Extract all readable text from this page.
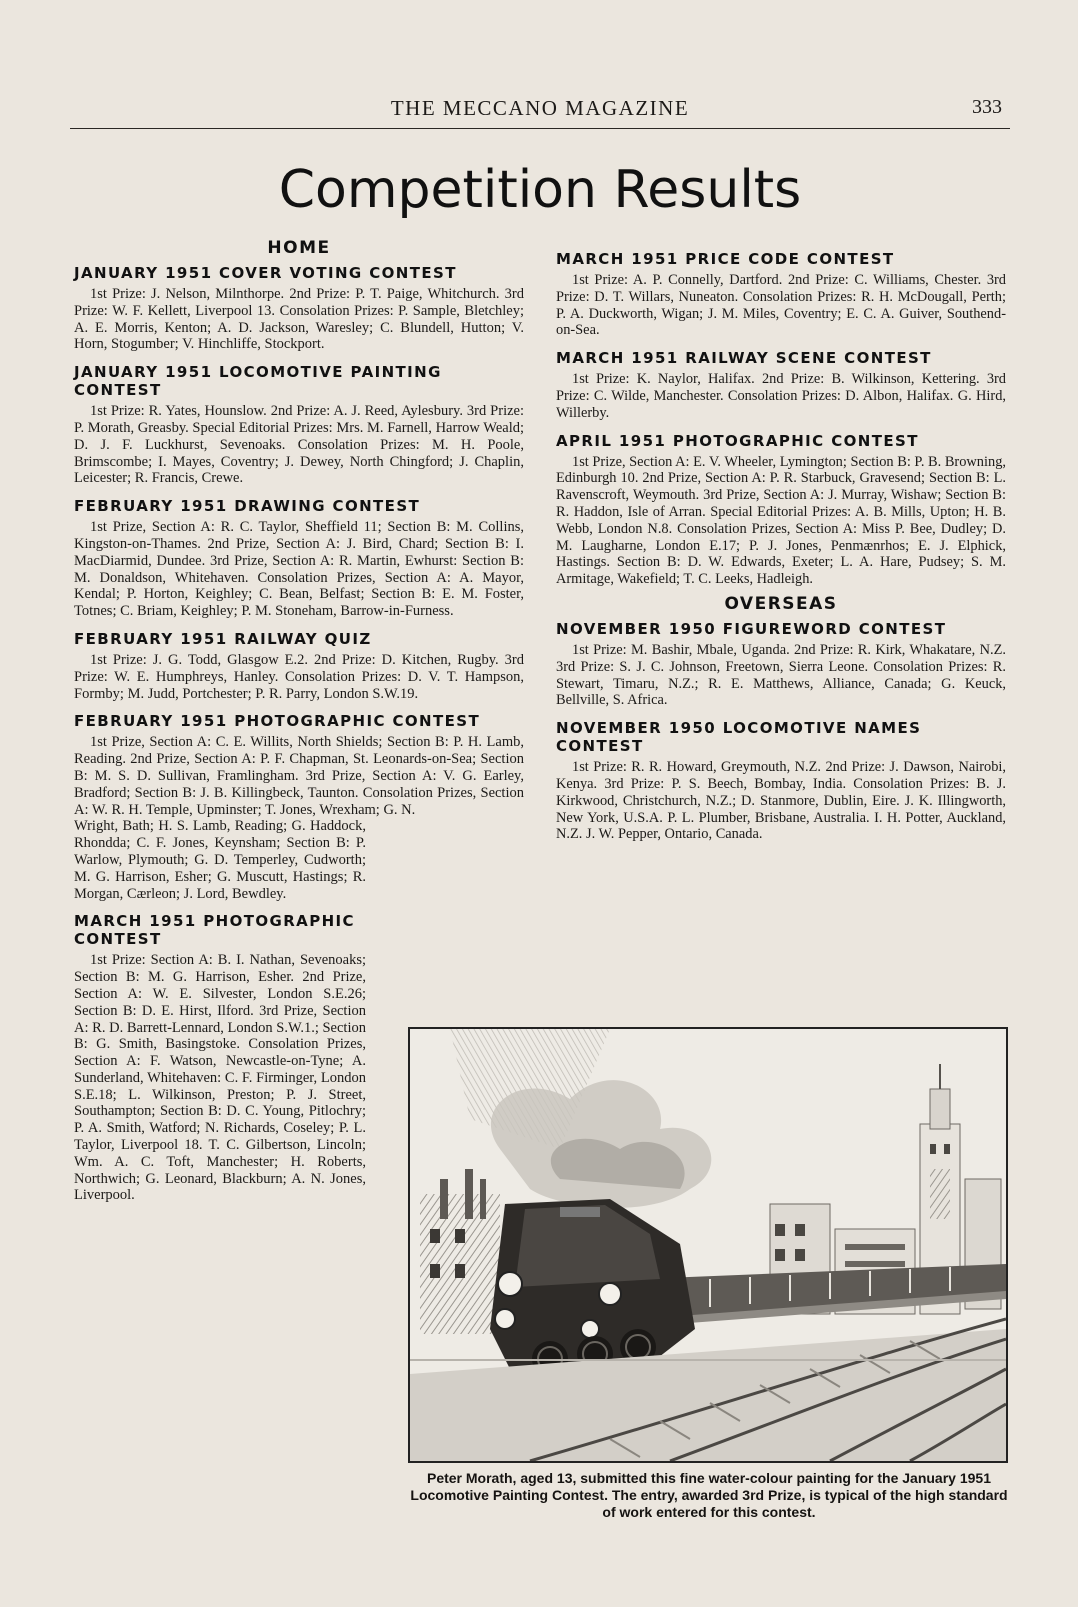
THE MECCANO MAGAZINE	333
Competition Results
HOME
JANUARY 1951 COVER VOTING CONTEST

1st Prize: J. Nelson, Milnthorpe. 2nd Prize: P. T. Paige, Whitchurch. 3rd Prize: W. F. Kellett, Liverpool 13. Consolation Prizes: P. Sample, Bletchley; A. E. Morris, Kenton; A. D. Jackson, Waresley; C. Blundell, Hutton; V. Horn, Stogumber; V. Hinchliffe, Stockport.

JANUARY 1951 LOCOMOTIVE PAINTING CONTEST

1st Prize: R. Yates, Hounslow. 2nd Prize: A. J. Reed, Aylesbury. 3rd Prize: P. Morath, Greasby. Special Editorial Prizes: Mrs. M. Farnell, Harrow Weald; D. J. F. Luckhurst, Sevenoaks. Consolation Prizes: M. H. Poole, Brimscombe; I. Mayes, Coventry; J. Dewey, North Chingford; J. Chaplin, Leicester; R. Francis, Crewe.

FEBRUARY 1951 DRAWING CONTEST

1st Prize, Section A: R. C. Taylor, Sheffield 11; Section B: M. Collins, Kingston-on-Thames. 2nd Prize, Section A: J. Bird, Chard; Section B: I. MacDiarmid, Dundee. 3rd Prize, Section A: R. Martin, Ewhurst: Section B: M. Donaldson, Whitehaven. Consolation Prizes, Section A: A. Mayor, Kendal; P. Horton, Keighley; C. Bean, Belfast; Section B: E. M. Foster, Totnes; C. Briam, Keighley; P. M. Stoneham, Barrow-in-Furness.

FEBRUARY 1951 RAILWAY QUIZ

1st Prize: J. G. Todd, Glasgow E.2. 2nd Prize: D. Kitchen, Rugby. 3rd Prize: W. E. Humphreys, Hanley. Consolation Prizes: D. V. T. Hampson, Formby; M. Judd, Portchester; P. R. Parry, London S.W.19.

FEBRUARY 1951 PHOTOGRAPHIC CONTEST

1st Prize, Section A: C. E. Willits, North Shields; Section B: P. H. Lamb, Reading. 2nd Prize, Section A: P. F. Chapman, St. Leonards-on-Sea; Section B: M. S. D. Sullivan, Framlingham. 3rd Prize, Section A: V. G. Earley, Bradford; Section B: J. B. Killingbeck, Taunton. Consolation Prizes, Section A: W. R. H. Temple, Upminster; T. Jones, Wrexham; G. N.

Wright, Bath; H. S. Lamb, Reading; G. Haddock, Rhondda; C. F. Jones, Keynsham; Section B: P. Warlow, Plymouth; G. D. Temperley, Cudworth; M. G. Harrison, Esher; G. Muscutt, Hastings; R. Morgan, Cærleon; J. Lord, Bewdley.

MARCH 1951 PHOTOGRAPHIC CONTEST

1st Prize: Section A: B. I. Nathan, Sevenoaks; Section B: M. G. Harrison, Esher. 2nd Prize, Section A: W. E. Silvester, London S.E.26; Section B: D. E. Hirst, Ilford. 3rd Prize, Section A: R. D. Barrett-Lennard, London S.W.1.; Section B: G. Smith, Basingstoke. Consolation Prizes, Section A: F. Watson, Newcastle-on-Tyne; A. Sunderland, Whitehaven: C. F. Firminger, London S.E.18; L. Wilkinson, Preston; P. J. Street, Southampton; Section B: D. C. Young, Pitlochry; P. A. Smith, Watford; N. Richards, Coseley; P. L. Taylor, Liverpool 18. T. C. Gilbertson, Lincoln; Wm. A. C. Toft, Manchester; H. Roberts, Northwich; G. Leonard, Blackburn; A. N. Jones, Liverpool.

MARCH 1951 PRICE CODE CONTEST

1st Prize: A. P. Connelly, Dartford. 2nd Prize: C. Williams, Chester. 3rd Prize: D. T. Willars, Nuneaton. Consolation Prizes: R. H. McDougall, Perth; P. A. Duckworth, Wigan; J. M. Miles, Coventry; E. C. A. Guiver, Southend-on-Sea.

MARCH 1951 RAILWAY SCENE CONTEST

1st Prize: K. Naylor, Halifax. 2nd Prize: B. Wilkinson, Kettering. 3rd Prize: C. Wilde, Manchester. Consolation Prizes: D. Albon, Halifax. G. Hird, Willerby.

APRIL 1951 PHOTOGRAPHIC CONTEST

1st Prize, Section A: E. V. Wheeler, Lymington; Section B: P. B. Browning, Edinburgh 10. 2nd Prize, Section A: P. R. Starbuck, Gravesend; Section B: L. Ravenscroft, Weymouth. 3rd Prize, Section A: J. Murray, Wishaw; Section B: R. Haddon, Isle of Arran. Special Editorial Prizes: A. B. Mills, Upton; H. B. Webb, London N.8. Consolation Prizes, Section A: Miss P. Bee, Dudley; D. M. Laugharne, London E.17; P. J. Jones, Penmænrhos; E. J. Elphick, Hastings. Section B: D. W. Edwards, Exeter; L. A. Hare, Pudsey; S. M. Armitage, Wakefield; T. C. Leeks, Hadleigh.

OVERSEAS
NOVEMBER 1950 FIGUREWORD CONTEST

1st Prize: M. Bashir, Mbale, Uganda. 2nd Prize: R. Kirk, Whakatare, N.Z. 3rd Prize: S. J. C. Johnson, Freetown, Sierra Leone. Consolation Prizes: R. Stewart, Timaru, N.Z.; R. E. Matthews, Alliance, Canada; G. Keuck, Bellville, S. Africa.

NOVEMBER 1950 LOCOMOTIVE NAMES CONTEST

1st Prize: R. R. Howard, Greymouth, N.Z. 2nd Prize: J. Dawson, Nairobi, Kenya. 3rd Prize: P. S. Beech, Bombay, India. Consolation Prizes: B. J. Kirkwood, Christchurch, N.Z.; D. Stanmore, Dublin, Eire. J. K. Illingworth, New York, U.S.A. P. L. Plumber, Brisbane, Australia. I. H. Potter, Auckland, N.Z. J. W. Pepper, Ontario, Canada.

Peter Morath, aged 13, submitted this fine water-colour painting for the January 1951 Locomotive Painting Contest. The entry, awarded 3rd Prize, is typical of the high standard of work entered for this contest.
